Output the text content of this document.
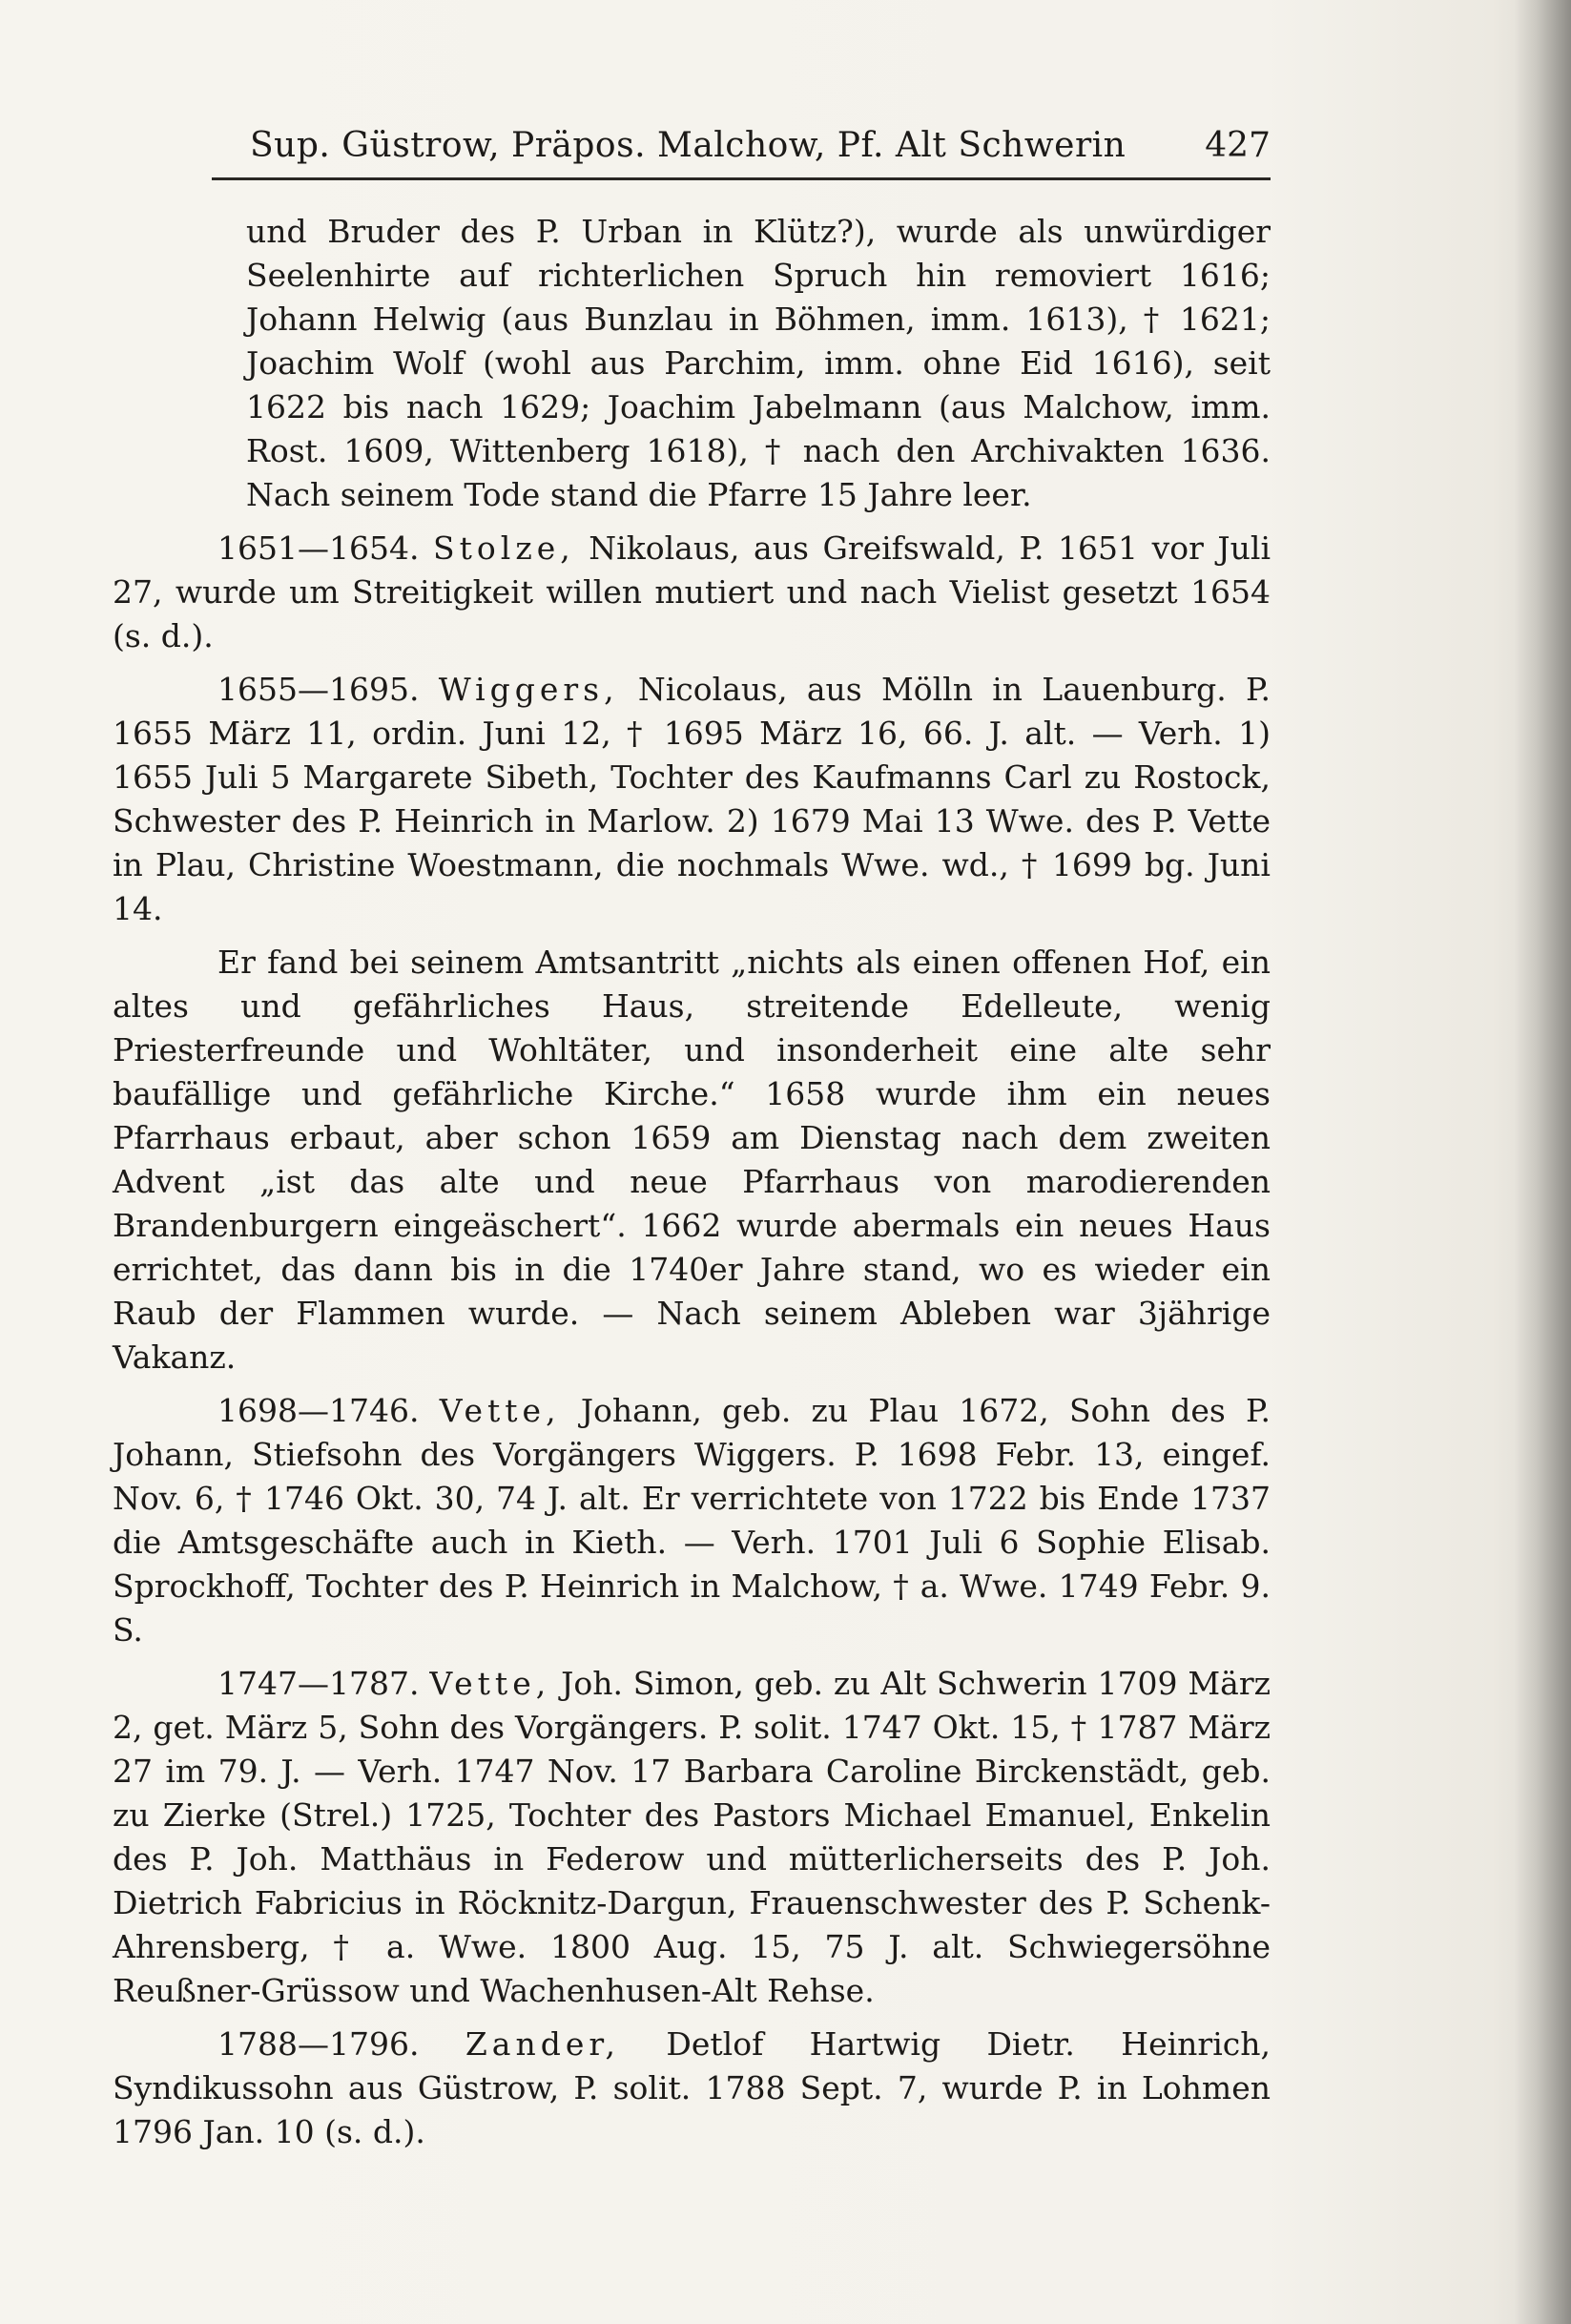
Sup. Güstrow, Präpos. Malchow, Pf. Alt Schwerin 427

und Bruder des P. Urban in Klütz?), wurde als unwürdiger Seelenhirte auf richterlichen Spruch hin removiert 1616; Johann Helwig (aus Bunzlau in Böhmen, imm. 1613), † 1621; Joachim Wolf (wohl aus Parchim, imm. ohne Eid 1616), seit 1622 bis nach 1629; Joachim Jabelmann (aus Malchow, imm. Rost. 1609, Wittenberg 1618), † nach den Archivakten 1636. Nach seinem Tode stand die Pfarre 15 Jahre leer.

1651—1654. Stolze, Nikolaus, aus Greifswald, P. 1651 vor Juli 27, wurde um Streitigkeit willen mutiert und nach Vielist gesetzt 1654 (s. d.).

1655—1695. Wiggers, Nicolaus, aus Mölln in Lauenburg. P. 1655 März 11, ordin. Juni 12, † 1695 März 16, 66. J. alt. — Verh. 1) 1655 Juli 5 Margarete Sibeth, Tochter des Kaufmanns Carl zu Rostock, Schwester des P. Heinrich in Marlow. 2) 1679 Mai 13 Wwe. des P. Vette in Plau, Christine Woestmann, die nochmals Wwe. wd., † 1699 bg. Juni 14.

Er fand bei seinem Amtsantritt „nichts als einen offenen Hof, ein altes und gefährliches Haus, streitende Edelleute, wenig Priesterfreunde und Wohltäter, und insonderheit eine alte sehr baufällige und gefährliche Kirche.“ 1658 wurde ihm ein neues Pfarrhaus erbaut, aber schon 1659 am Dienstag nach dem zweiten Advent „ist das alte und neue Pfarrhaus von marodierenden Brandenburgern eingeäschert“. 1662 wurde abermals ein neues Haus errichtet, das dann bis in die 1740er Jahre stand, wo es wieder ein Raub der Flammen wurde. — Nach seinem Ableben war 3jährige Vakanz.

1698—1746. Vette, Johann, geb. zu Plau 1672, Sohn des P. Johann, Stiefsohn des Vorgängers Wiggers. P. 1698 Febr. 13, eingef. Nov. 6, † 1746 Okt. 30, 74 J. alt. Er verrichtete von 1722 bis Ende 1737 die Amtsgeschäfte auch in Kieth. — Verh. 1701 Juli 6 Sophie Elisab. Sprockhoff, Tochter des P. Heinrich in Malchow, † a. Wwe. 1749 Febr. 9. S.

1747—1787. Vette, Joh. Simon, geb. zu Alt Schwerin 1709 März 2, get. März 5, Sohn des Vorgängers. P. solit. 1747 Okt. 15, † 1787 März 27 im 79. J. — Verh. 1747 Nov. 17 Barbara Caroline Birckenstädt, geb. zu Zierke (Strel.) 1725, Tochter des Pastors Michael Emanuel, Enkelin des P. Joh. Matthäus in Federow und mütterlicherseits des P. Joh. Dietrich Fabricius in Röcknitz-Dargun, Frauenschwester des P. Schenk-Ahrensberg, † a. Wwe. 1800 Aug. 15, 75 J. alt. Schwiegersöhne Reußner-Grüssow und Wachenhusen-Alt Rehse.

1788—1796. Zander, Detlof Hartwig Dietr. Heinrich, Syndikussohn aus Güstrow, P. solit. 1788 Sept. 7, wurde P. in Lohmen 1796 Jan. 10 (s. d.).
